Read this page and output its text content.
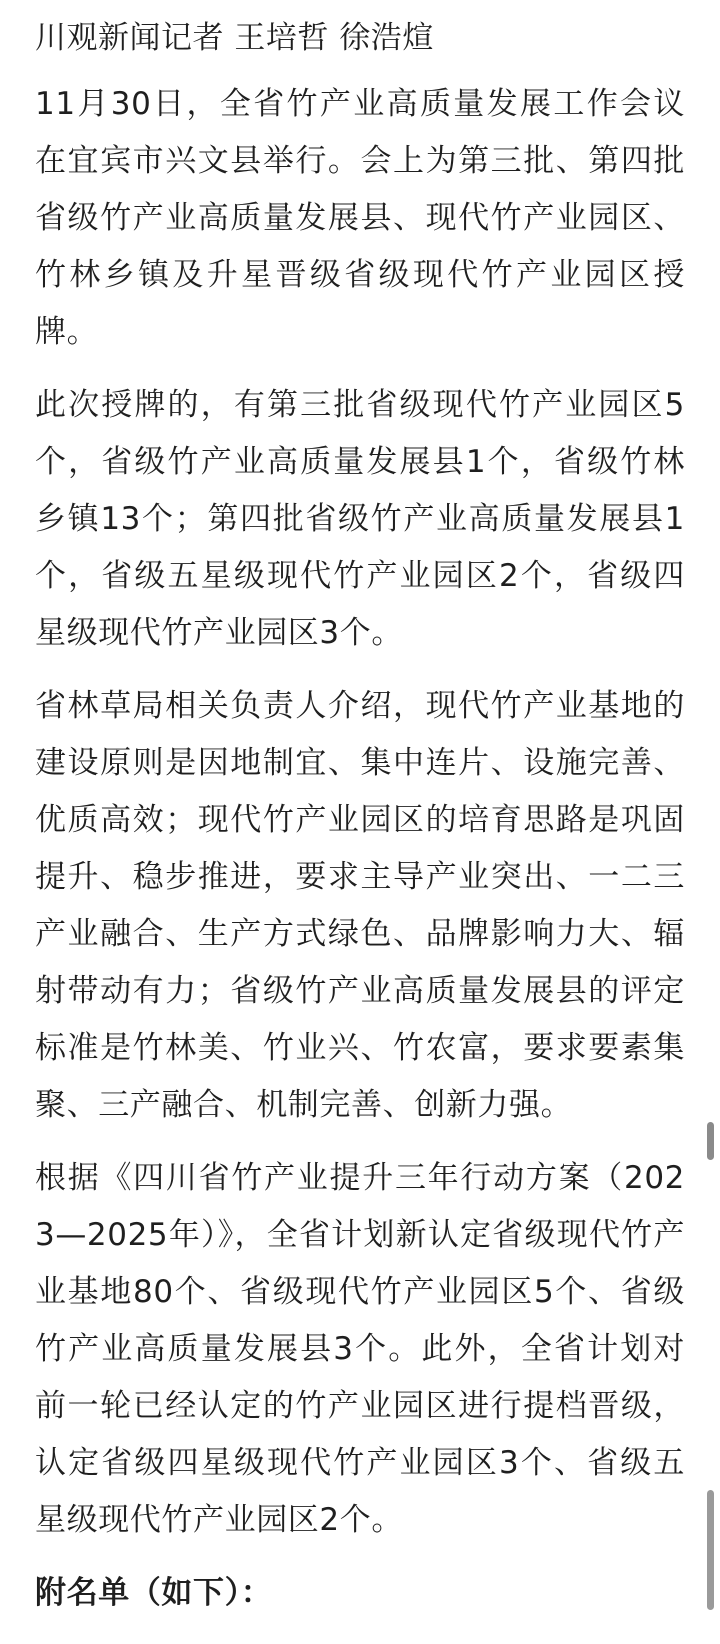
川观新闻记者 王培哲 徐浩煊

11月30日，全省竹产业高质量发展工作会议在宜宾市兴文县举行。会上为第三批、第四批省级竹产业高质量发展县、现代竹产业园区、竹林乡镇及升星晋级省级现代竹产业园区授牌。

此次授牌的，有第三批省级现代竹产业园区5个，省级竹产业高质量发展县1个，省级竹林乡镇13个；第四批省级竹产业高质量发展县1个，省级五星级现代竹产业园区2个，省级四星级现代竹产业园区3个。

省林草局相关负责人介绍，现代竹产业基地的建设原则是因地制宜、集中连片、设施完善、优质高效；现代竹产业园区的培育思路是巩固提升、稳步推进，要求主导产业突出、一二三产业融合、生产方式绿色、品牌影响力大、辐射带动有力；省级竹产业高质量发展县的评定标准是竹林美、竹业兴、竹农富，要求要素集聚、三产融合、机制完善、创新力强。

根据《四川省竹产业提升三年行动方案（2023—2025年）》，全省计划新认定省级现代竹产业基地80个、省级现代竹产业园区5个、省级竹产业高质量发展县3个。此外，全省计划对前一轮已经认定的竹产业园区进行提档晋级，认定省级四星级现代竹产业园区3个、省级五星级现代竹产业园区2个。

附名单（如下）：
